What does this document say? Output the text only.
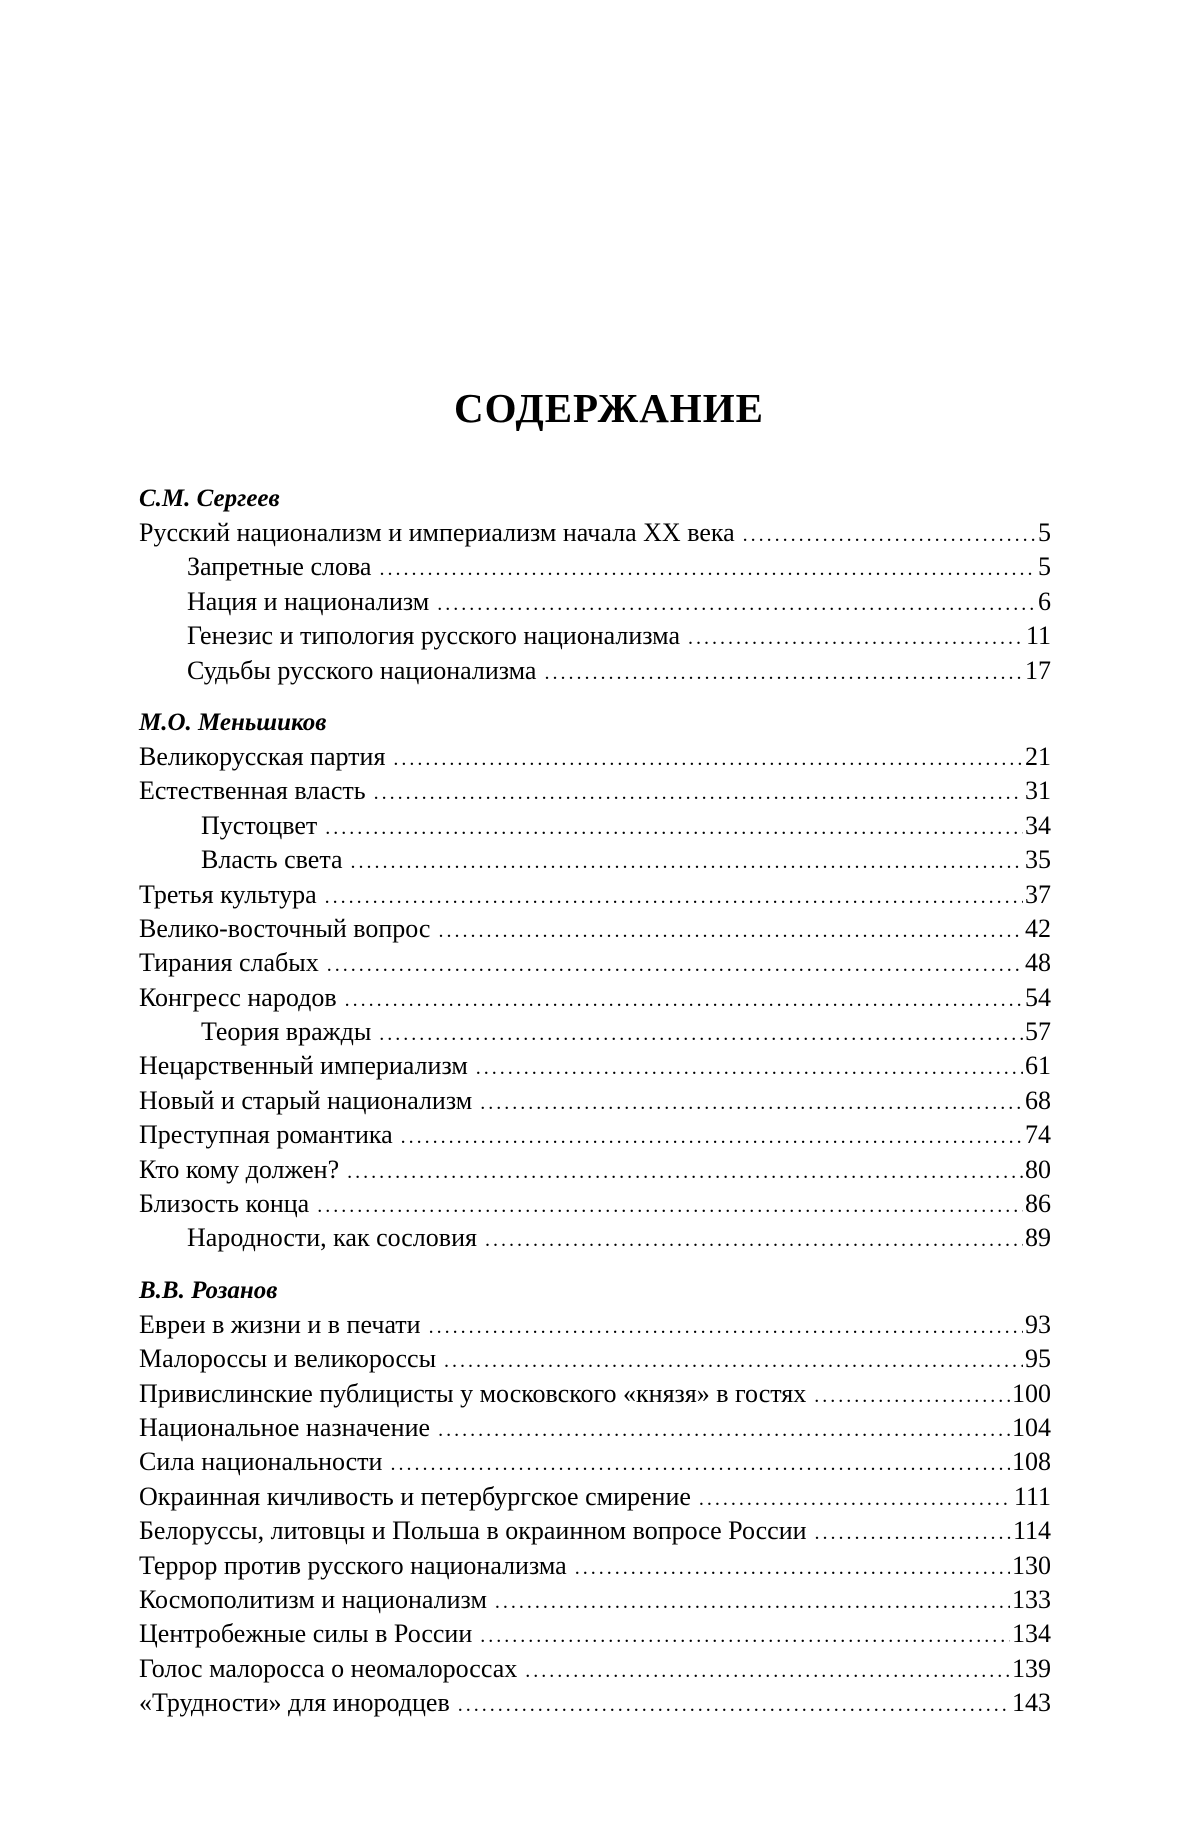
СОДЕРЖАНИЕ
С.М. Сергеев
Русский национализм и империализм начала XX века . . .	5
Запретные слова . . .	5
Нация и национализм . . .	6
Генезис и типология русского национализма . . .	11
Судьбы русского национализма . . .	17
М.О. Меньшиков
Великорусская партия . . .	21
Естественная власть . . .	31
Пустоцвет . . .	34
Власть света . . .	35
Третья культура . . .	37
Велико-восточный вопрос . . .	42
Тирания слабых . . .	48
Конгресс народов . . .	54
Теория вражды . . .	57
Нецарственный империализм . . .	61
Новый и старый национализм . . .	68
Преступная романтика . . .	74
Кто кому должен? . . .	80
Близость конца . . .	86
Народности, как сословия . . .	89
В.В. Розанов
Евреи в жизни и в печати . . .	93
Малороссы и великороссы . . .	95
Привислинские публицисты у московского «князя» в гостях . . .	100
Национальное назначение . . .	104
Сила национальности . . .	108
Окраинная кичливость и петербургское смирение . . .	111
Белоруссы, литовцы и Польша в окраинном вопросе России . . .	114
Террор против русского национализма . . .	130
Космополитизм и национализм . . .	133
Центробежные силы в России . . .	134
Голос малоросса о неомалороссах . . .	139
«Трудности» для инородцев . . .	143
